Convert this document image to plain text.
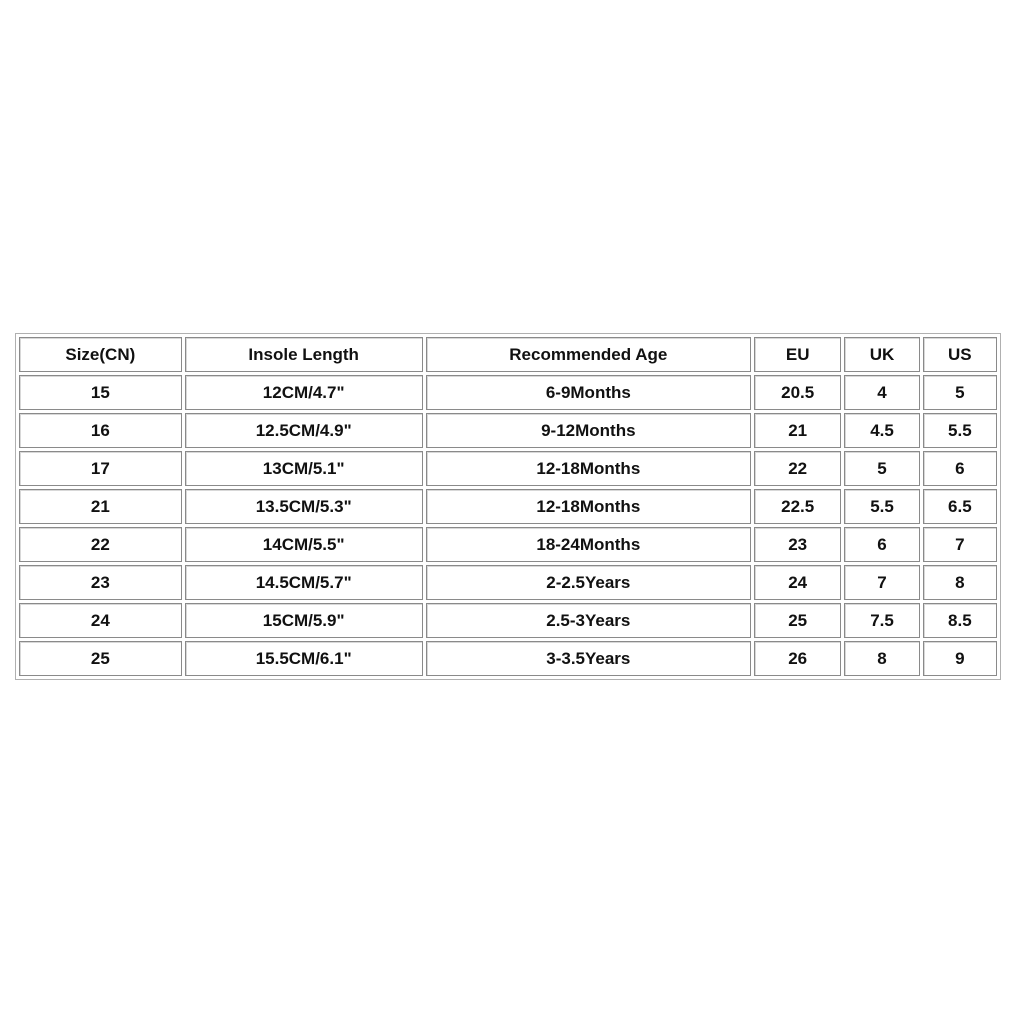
Size(CN)	Insole Length	Recommended Age	EU	UK	US
15	12CM/4.7"	6-9Months	20.5	4	5
16	12.5CM/4.9"	9-12Months	21	4.5	5.5
17	13CM/5.1"	12-18Months	22	5	6
21	13.5CM/5.3"	12-18Months	22.5	5.5	6.5
22	14CM/5.5"	18-24Months	23	6	7
23	14.5CM/5.7"	2-2.5Years	24	7	8
24	15CM/5.9"	2.5-3Years	25	7.5	8.5
25	15.5CM/6.1"	3-3.5Years	26	8	9
